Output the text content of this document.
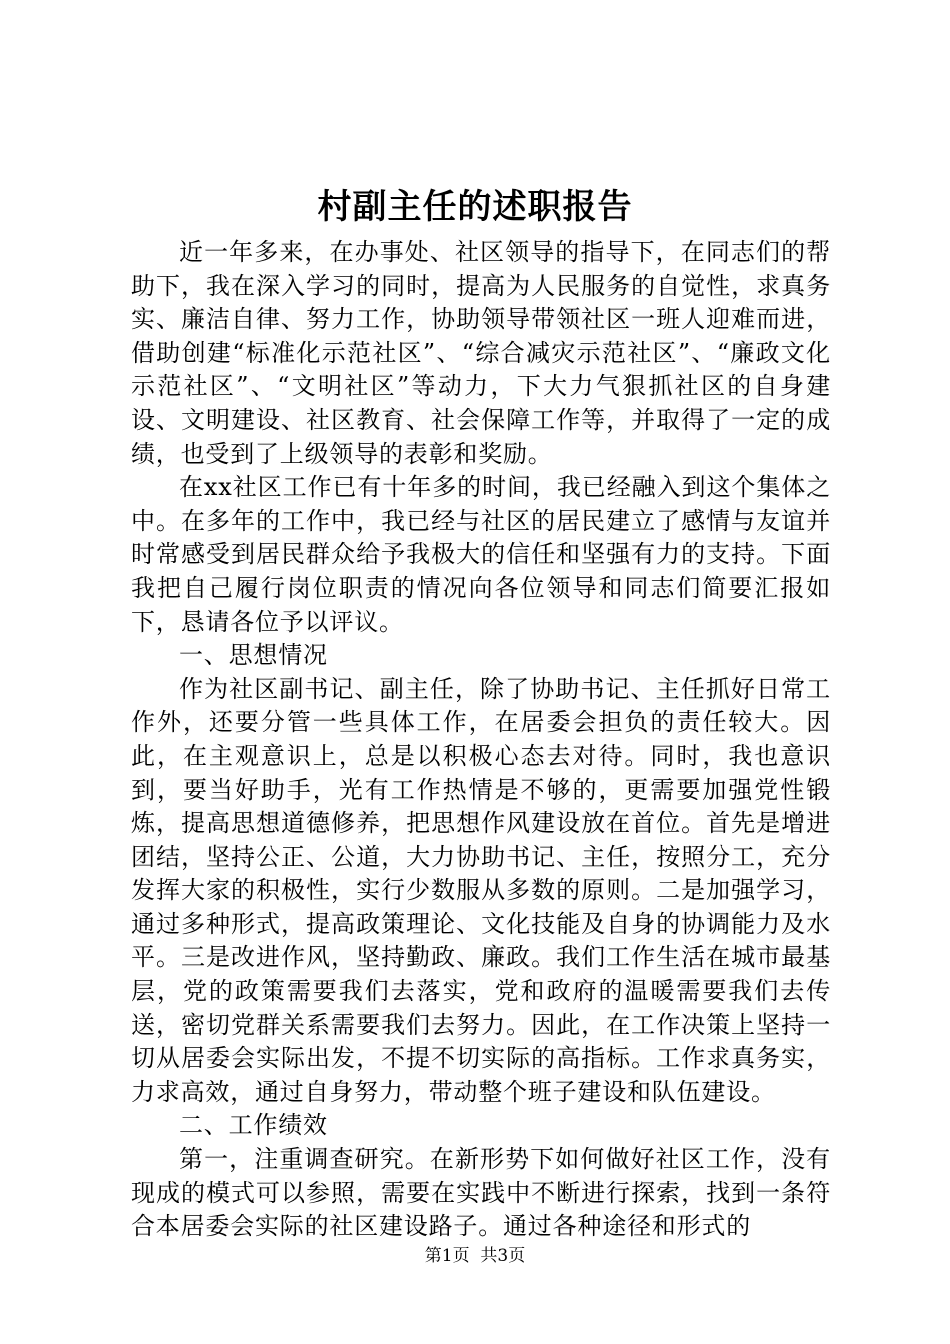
村副主任的述职报告

近一年多来，在办事处、社区领导的指导下，在同志们的帮助下，我在深入学习的同时，提高为人民服务的自觉性，求真务实、廉洁自律、努力工作，协助领导带领社区一班人迎难而进，借助创建“标准化示范社区”、“综合减灾示范社区”、“廉政文化示范社区”、“文明社区”等动力，下大力气狠抓社区的自身建设、文明建设、社区教育、社会保障工作等，并取得了一定的成绩，也受到了上级领导的表彰和奖励。

在xx社区工作已有十年多的时间，我已经融入到这个集体之中。在多年的工作中，我已经与社区的居民建立了感情与友谊并时常感受到居民群众给予我极大的信任和坚强有力的支持。下面我把自己履行岗位职责的情况向各位领导和同志们简要汇报如下，恳请各位予以评议。

一、思想情况

作为社区副书记、副主任，除了协助书记、主任抓好日常工作外，还要分管一些具体工作，在居委会担负的责任较大。因此，在主观意识上，总是以积极心态去对待。同时，我也意识到，要当好助手，光有工作热情是不够的，更需要加强党性锻炼，提高思想道德修养，把思想作风建设放在首位。首先是增进团结，坚持公正、公道，大力协助书记、主任，按照分工，充分发挥大家的积极性，实行少数服从多数的原则。二是加强学习，通过多种形式，提高政策理论、文化技能及自身的协调能力及水平。三是改进作风，坚持勤政、廉政。我们工作生活在城市最基层，党的政策需要我们去落实，党和政府的温暖需要我们去传送，密切党群关系需要我们去努力。因此，在工作决策上坚持一切从居委会实际出发，不提不切实际的高指标。工作求真务实，力求高效，通过自身努力，带动整个班子建设和队伍建设。

二、工作绩效

第一，注重调查研究。在新形势下如何做好社区工作，没有现成的模式可以参照，需要在实践中不断进行探索，找到一条符合本居委会实际的社区建设路子。通过各种途径和形式的

第1页  共3页
